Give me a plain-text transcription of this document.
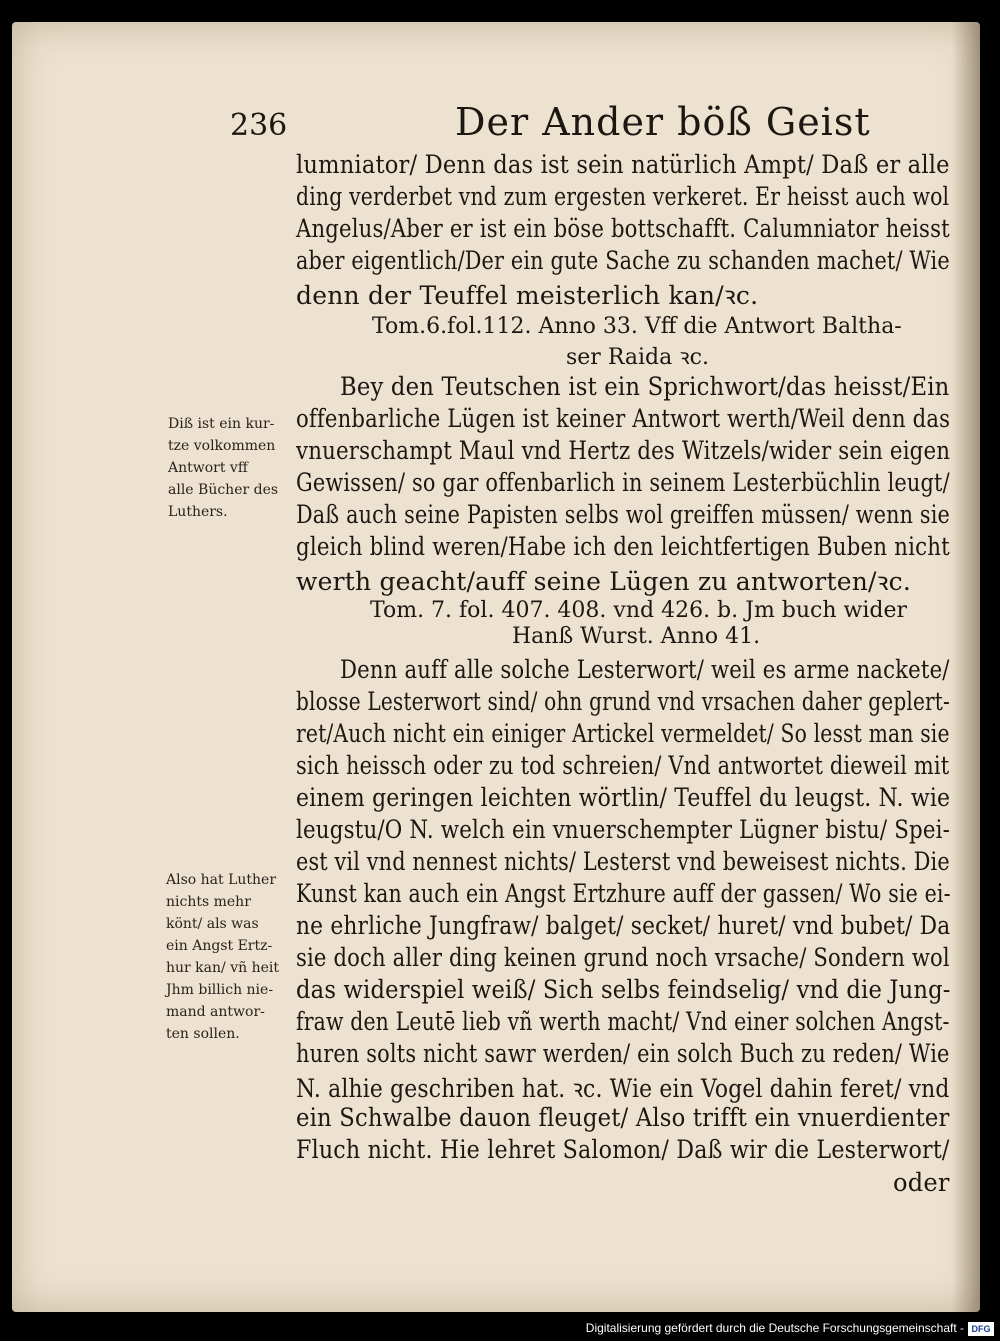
236	Der Ander böß Geist
lumniator/ Denn das ist sein natürlich Ampt/ Daß er alle
ding verderbet vnd zum ergesten verkeret. Er heisst auch wol
Angelus/Aber er ist ein böse bottschafft. Calumniator heisst
aber eigentlich/Der ein gute Sache zu schanden machet/ Wie
denn der Teuffel meisterlich kan/ꝛc.
Tom.6.fol.112. Anno 33. Vff die Antwort Baltha-
ser Raida ꝛc.
Bey den Teutschen ist ein Sprichwort/das heisst/Ein
offenbarliche Lügen ist keiner Antwort werth/Weil denn das
vnuerschampt Maul vnd Hertz des Witzels/wider sein eigen
Gewissen/ so gar offenbarlich in seinem Lesterbüchlin leugt/
Daß auch seine Papisten selbs wol greiffen müssen/ wenn sie
gleich blind weren/Habe ich den leichtfertigen Buben nicht
werth geacht/auff seine Lügen zu antworten/ꝛc.
Diß ist ein kur-
tze volkommen
Antwort vff
alle Bücher des
Luthers.
Tom. 7. fol. 407. 408. vnd 426. b. Jm buch wider
Hanß Wurst. Anno 41.
Denn auff alle solche Lesterwort/ weil es arme nackete/
blosse Lesterwort sind/ ohn grund vnd vrsachen daher geplert-
ret/Auch nicht ein einiger Artickel vermeldet/ So lesst man sie
sich heissch oder zu tod schreien/ Vnd antwortet dieweil mit
einem geringen leichten wörtlin/ Teuffel du leugst. N. wie
leugstu/O N. welch ein vnuerschempter Lügner bistu/ Spei-
est vil vnd nennest nichts/ Lesterst vnd beweisest nichts. Die
Kunst kan auch ein Angst Ertzhure auff der gassen/ Wo sie ei-
ne ehrliche Jungfraw/ balget/ secket/ huret/ vnd bubet/ Da
sie doch aller ding keinen grund noch vrsache/ Sondern wol
das widerspiel weiß/ Sich selbs feindselig/ vnd die Jung-
fraw den Leutē lieb vñ werth macht/ Vnd einer solchen Angst-
huren solts nicht sawr werden/ ein solch Buch zu reden/ Wie
N. alhie geschriben hat. ꝛc. Wie ein Vogel dahin feret/ vnd
ein Schwalbe dauon fleuget/ Also trifft ein vnuerdienter
Fluch nicht. Hie lehret Salomon/ Daß wir die Lesterwort/
oder
Also hat Luther
nichts mehr
könt/ als was
ein Angst Ertz-
hur kan/ vñ heit
Jhm billich nie-
mand antwor-
ten sollen.
Digitalisierung gefördert durch die Deutsche Forschungsgemeinschaft - DFG
